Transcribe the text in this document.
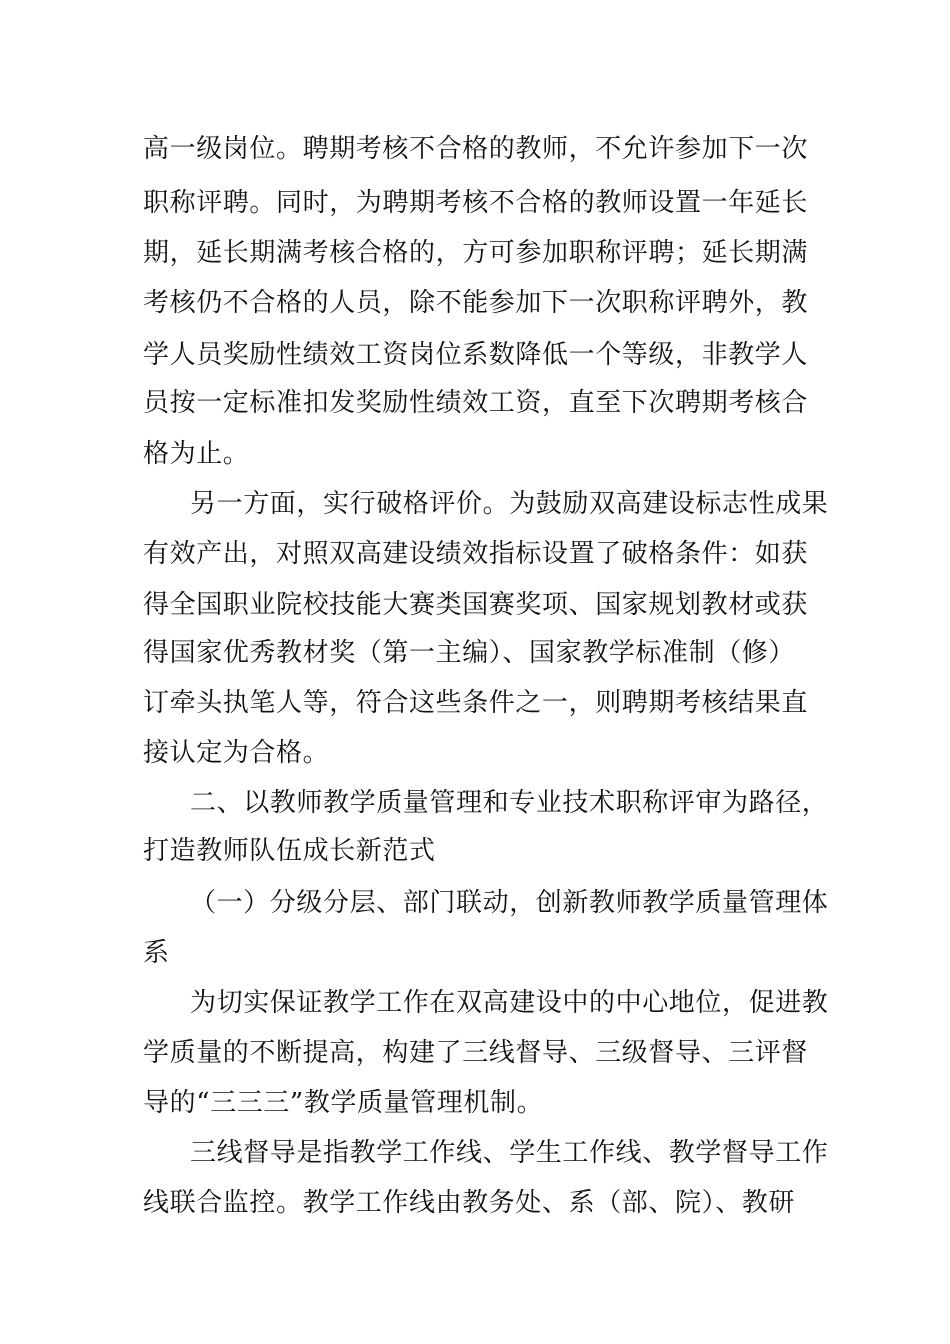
高一级岗位。聘期考核不合格的教师，不允许参加下一次
职称评聘。同时，为聘期考核不合格的教师设置一年延长
期，延长期满考核合格的，方可参加职称评聘；延长期满
考核仍不合格的人员，除不能参加下一次职称评聘外，教
学人员奖励性绩效工资岗位系数降低一个等级，非教学人
员按一定标准扣发奖励性绩效工资，直至下次聘期考核合
格为止。
另一方面，实行破格评价。为鼓励双高建设标志性成果
有效产出，对照双高建设绩效指标设置了破格条件：如获
得全国职业院校技能大赛类国赛奖项、国家规划教材或获
得国家优秀教材奖（第一主编）、国家教学标准制（修）
订牵头执笔人等，符合这些条件之一，则聘期考核结果直
接认定为合格。
二、以教师教学质量管理和专业技术职称评审为路径，
打造教师队伍成长新范式
（一）分级分层、部门联动，创新教师教学质量管理体
系
为切实保证教学工作在双高建设中的中心地位，促进教
学质量的不断提高，构建了三线督导、三级督导、三评督
导的“三三三”教学质量管理机制。
三线督导是指教学工作线、学生工作线、教学督导工作
线联合监控。教学工作线由教务处、系（部、院）、教研
